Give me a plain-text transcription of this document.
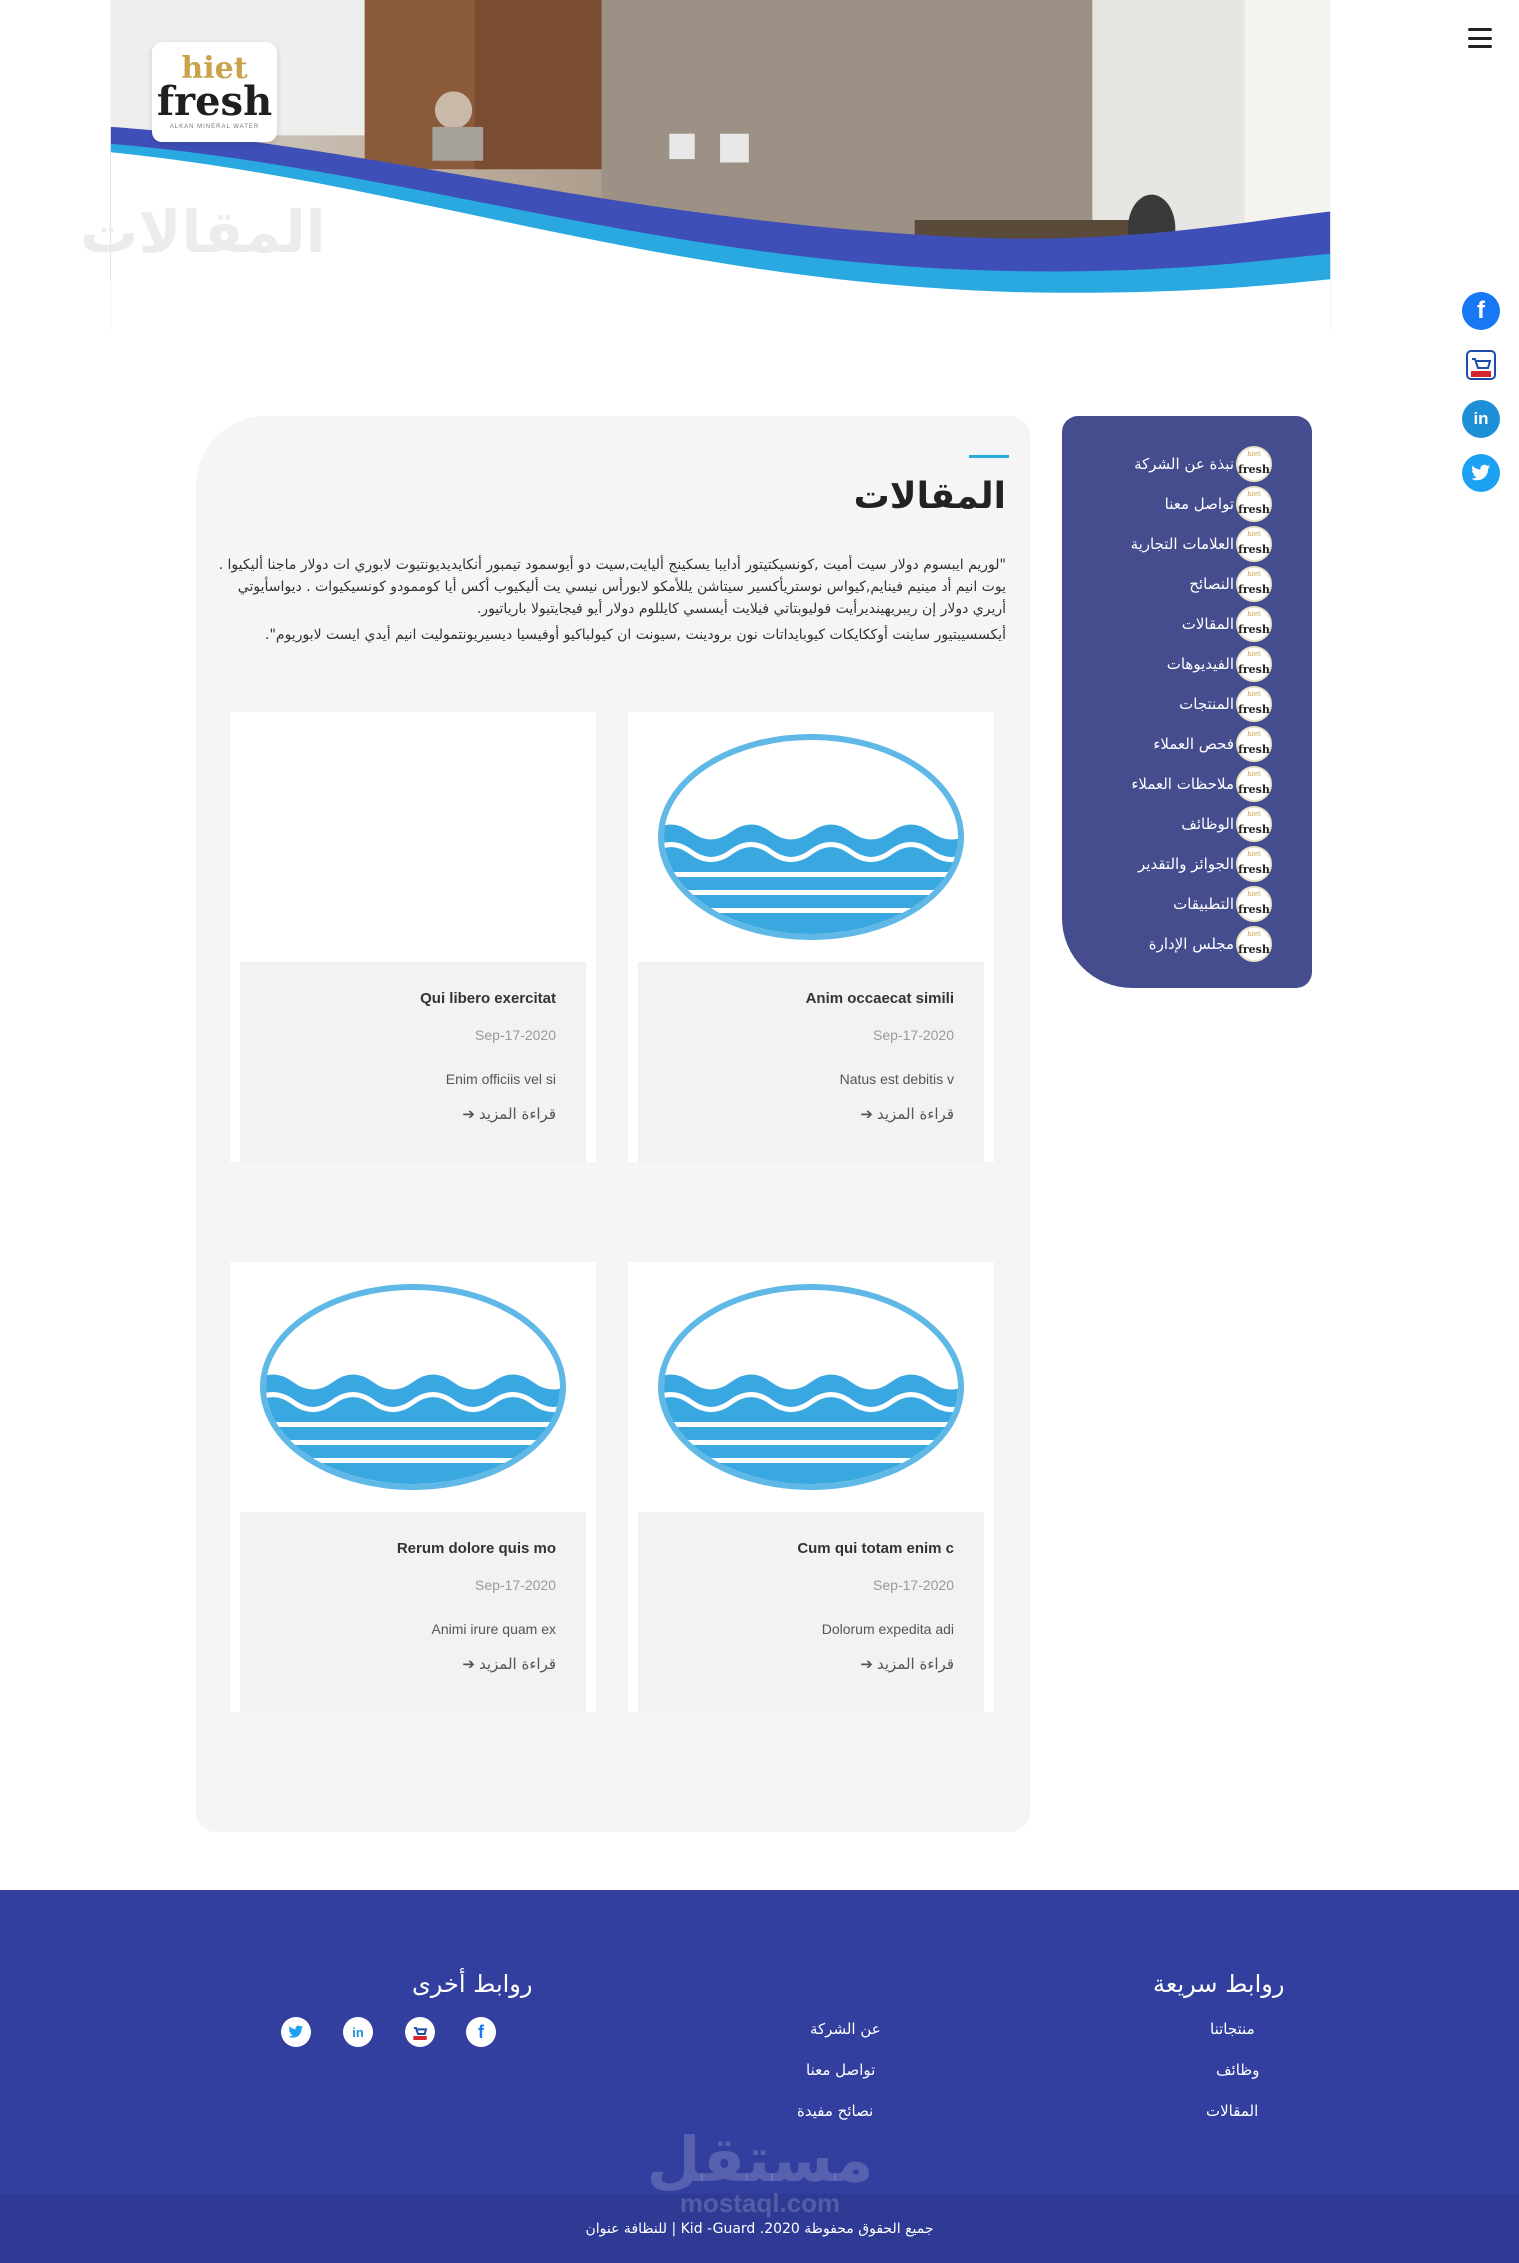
المقالات
hiet
fresh
ALKAN MINERAL WATER
f
in
hiet
fresh
نبذة عن الشركة
hiet
fresh
تواصل معنا
hiet
fresh
العلامات التجارية
hiet
fresh
النصائح
hiet
fresh
المقالات
hiet
fresh
الفيديوهات
hiet
fresh
المنتجات
hiet
fresh
فحص العملاء
hiet
fresh
ملاحظات العملاء
hiet
fresh
الوظائف
hiet
fresh
الجوائز والتقدير
hiet
fresh
التطبيقات
hiet
fresh
مجلس الإدارة
المقالات

"لوريم ايبسوم دولار سيت أميت ,كونسيكتيتور أدايبا يسكينج أليايت,سيت دو أيوسمود تيمبور أنكايديديونتيوت لابوري ات دولار ماجنا أليكيوا . يوت انيم أد مينيم فينايم,كيواس نوستريأكسير سيتاشن يللأمكو لابورأس نيسي يت أليكيوب أكس أيا كوممودو كونسيكيوات . ديواسأيوتي أريري دولار إن ريبريهينديرأيت فوليوبتاتي فيلايت أيسسي كايللوم دولار أيو فيجايتيولا بارياتيور.

أيكسسيبتيور ساينت أوككايكات كيوبايداتات نون برودينت ,سيونت ان كيولباكيو أوفيسيا ديسيريونتموليت انيم أيدي ايست لابوريوم".

Anim occaecat simili
Sep-17-2020
Natus est debitis v
قراءة المزيد➔
Qui libero exercitat
Sep-17-2020
Enim officiis vel si
قراءة المزيد➔
Cum qui totam enim c
Sep-17-2020
Dolorum expedita adi
قراءة المزيد➔
Rerum dolore quis mo
Sep-17-2020
Animi irure quam ex
قراءة المزيد➔
روابط سريعة
روابط أخرى
منتجاتنا
وظائف
المقالات
عن الشركة
تواصل معنا
نصائح مفيدة
f
in
جميع الحقوق محفوظة 2020. Kid -Guard | للنظافة عنوان
مستقل
mostaql.com
